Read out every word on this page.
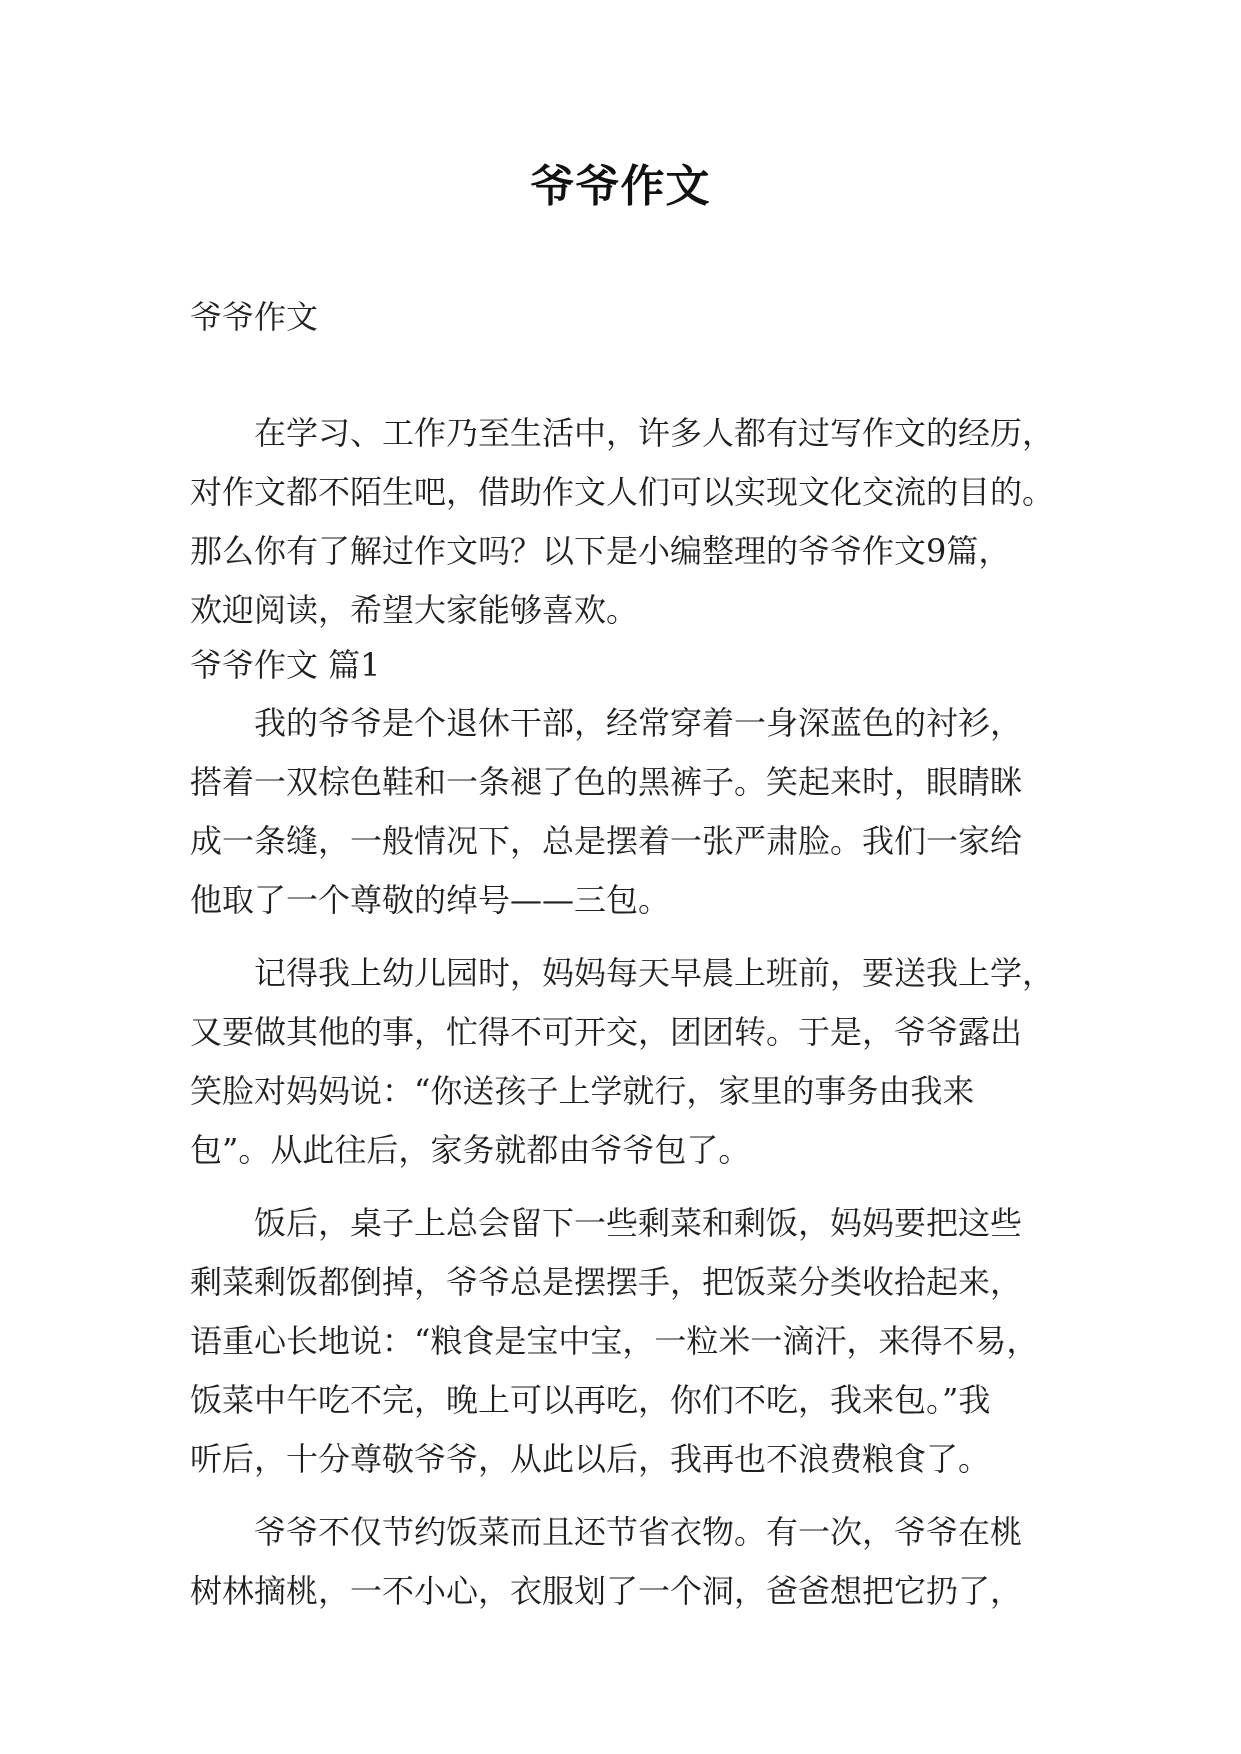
爷爷作文
爷爷作文

在学习、工作乃至生活中，许多人都有过写作文的经历，
对作文都不陌生吧，借助作文人们可以实现文化交流的目的。
那么你有了解过作文吗？以下是小编整理的爷爷作文9篇，
欢迎阅读，希望大家能够喜欢。

爷爷作文 篇1

我的爷爷是个退休干部，经常穿着一身深蓝色的衬衫，
搭着一双棕色鞋和一条褪了色的黑裤子。笑起来时，眼睛眯
成一条缝，一般情况下，总是摆着一张严肃脸。我们一家给
他取了一个尊敬的绰号——三包。

记得我上幼儿园时，妈妈每天早晨上班前，要送我上学，
又要做其他的事，忙得不可开交，团团转。于是，爷爷露出
笑脸对妈妈说：“你送孩子上学就行，家里的事务由我来
包”。从此往后，家务就都由爷爷包了。

饭后，桌子上总会留下一些剩菜和剩饭，妈妈要把这些
剩菜剩饭都倒掉，爷爷总是摆摆手，把饭菜分类收拾起来，
语重心长地说：“粮食是宝中宝，一粒米一滴汗，来得不易，
饭菜中午吃不完，晚上可以再吃，你们不吃，我来包。”我
听后，十分尊敬爷爷，从此以后，我再也不浪费粮食了。

爷爷不仅节约饭菜而且还节省衣物。有一次，爷爷在桃
树林摘桃，一不小心，衣服划了一个洞，爸爸想把它扔了，
